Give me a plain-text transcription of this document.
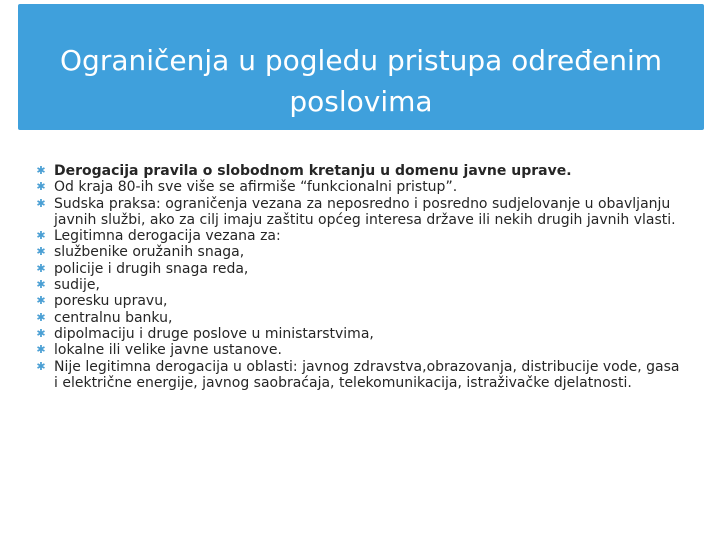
Ograničenja u pogledu pristupa određenim
poslovima
✱ Derogacija pravila o slobodnom kretanju u domenu javne uprave.
✱ Od kraja 80-ih sve više se afirmiše “funkcionalni pristup”.
✱ Sudska praksa: ograničenja vezana za neposredno i posredno sudjelovanje u obavljanju javnih službi, ako za cilj imaju zaštitu općeg interesa države ili nekih drugih javnih vlasti.
✱ Legitimna derogacija vezana za:
✱ službenike oružanih snaga,
✱ policije i drugih snaga reda,
✱ sudije,
✱ poresku upravu,
✱ centralnu banku,
✱ dipolmaciju i druge poslove u ministarstvima,
✱ lokalne ili velike javne ustanove.
✱ Nije legitimna derogacija u oblasti: javnog zdravstva,obrazovanja, distribucije vode, gasa i električne energije, javnog saobraćaja, telekomunikacija, istraživačke djelatnosti.
